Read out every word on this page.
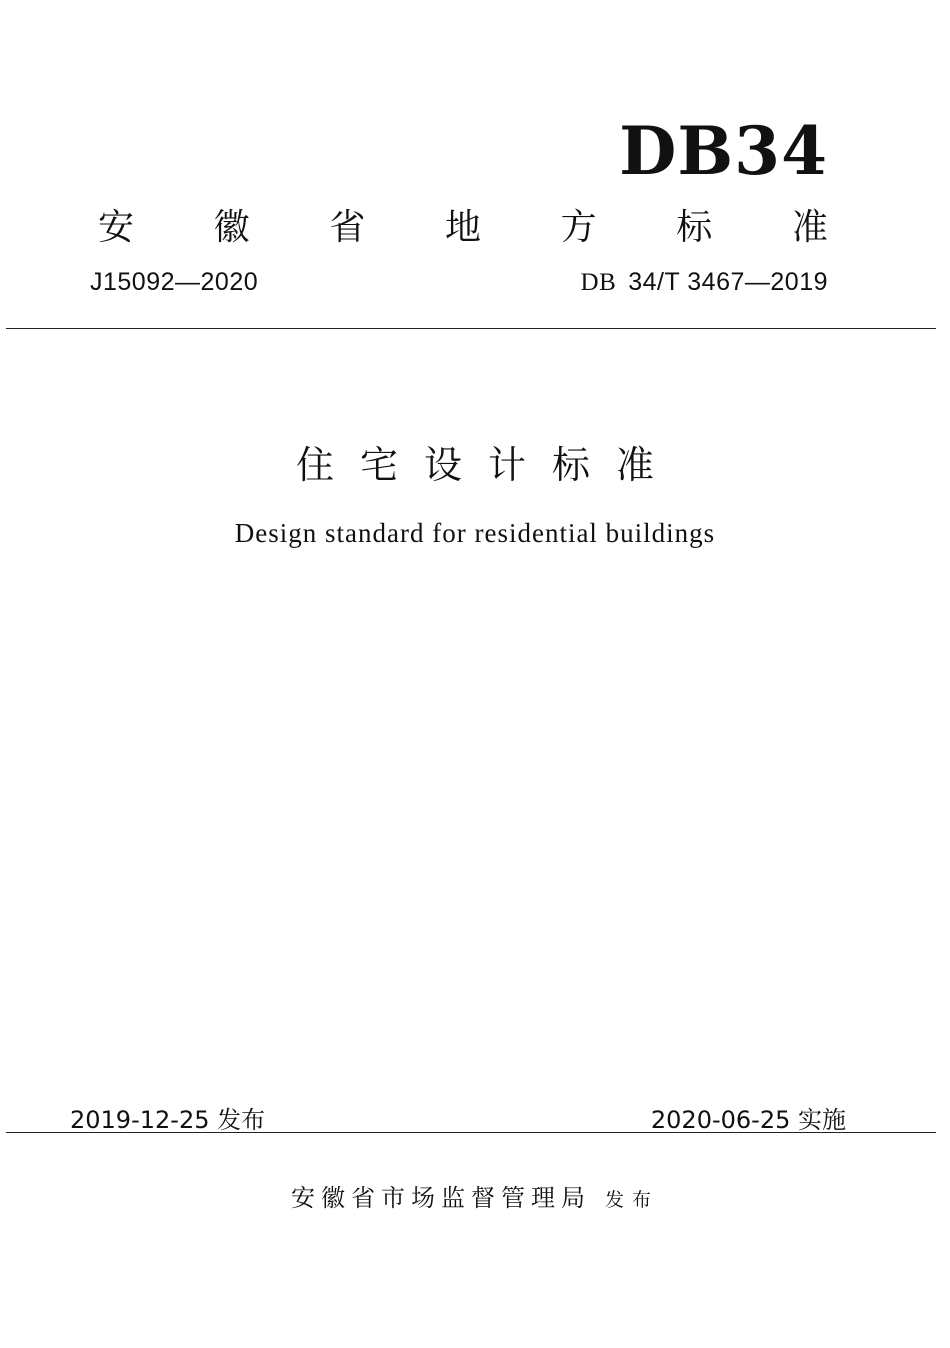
DB34
安 徽 省 地 方 标 准
J15092—2020	DB 34/T 3467—2019
住宅设计标准
Design standard for residential buildings
2019-12-25 发布	2020-06-25 实施
安徽省市场监督管理局 发布
